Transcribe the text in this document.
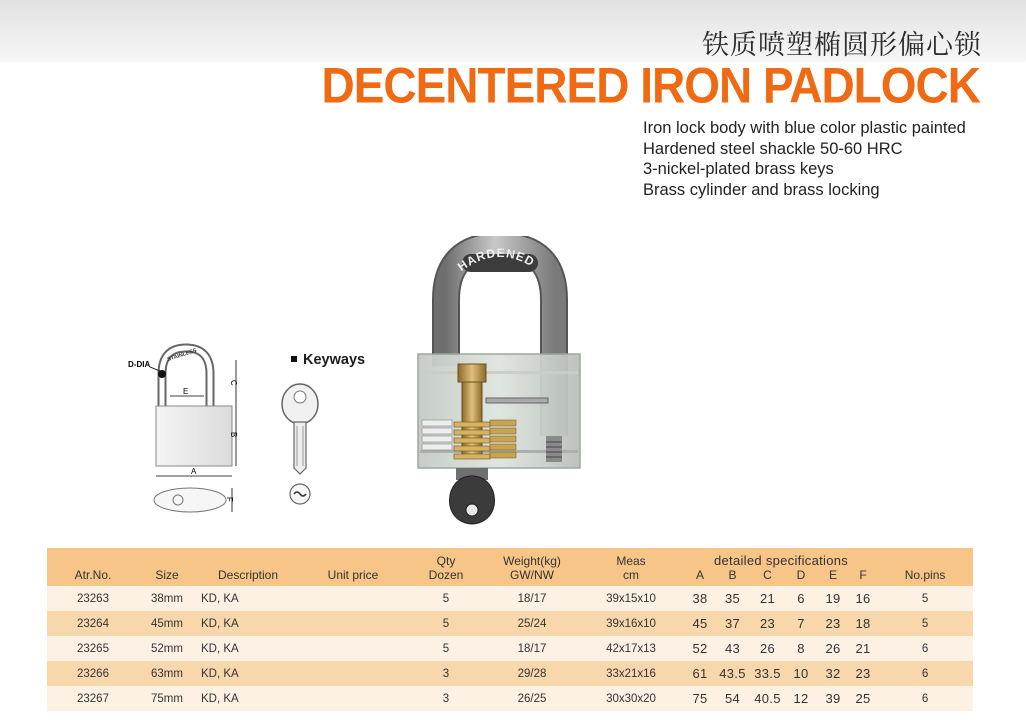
铁质喷塑椭圆形偏心锁
DECENTERED IRON PADLOCK
Iron lock body with blue color plastic painted
Hardened steel shackle 50-60 HRC
3-nickel-plated brass keys
Brass cylinder and brass locking
STAINLESS
D-DIA
E
C
B
A
F
Keyways
HARDENED
				Qty	Weight(kg)	Meas	detailed specifications						
Atr.No.	Size	Description	Unit price	Dozen	GW/NW	cm	A	B	C	D	E	F	No.pins
23263	38mm	KD, KA		5	18/17	39x15x10	38	35	21	6	19	16	5
23264	45mm	KD, KA		5	25/24	39x16x10	45	37	23	7	23	18	5
23265	52mm	KD, KA		5	18/17	42x17x13	52	43	26	8	26	21	6
23266	63mm	KD, KA		3	29/28	33x21x16	61	43.5	33.5	10	32	23	6
23267	75mm	KD, KA		3	26/25	30x30x20	75	54	40.5	12	39	25	6
